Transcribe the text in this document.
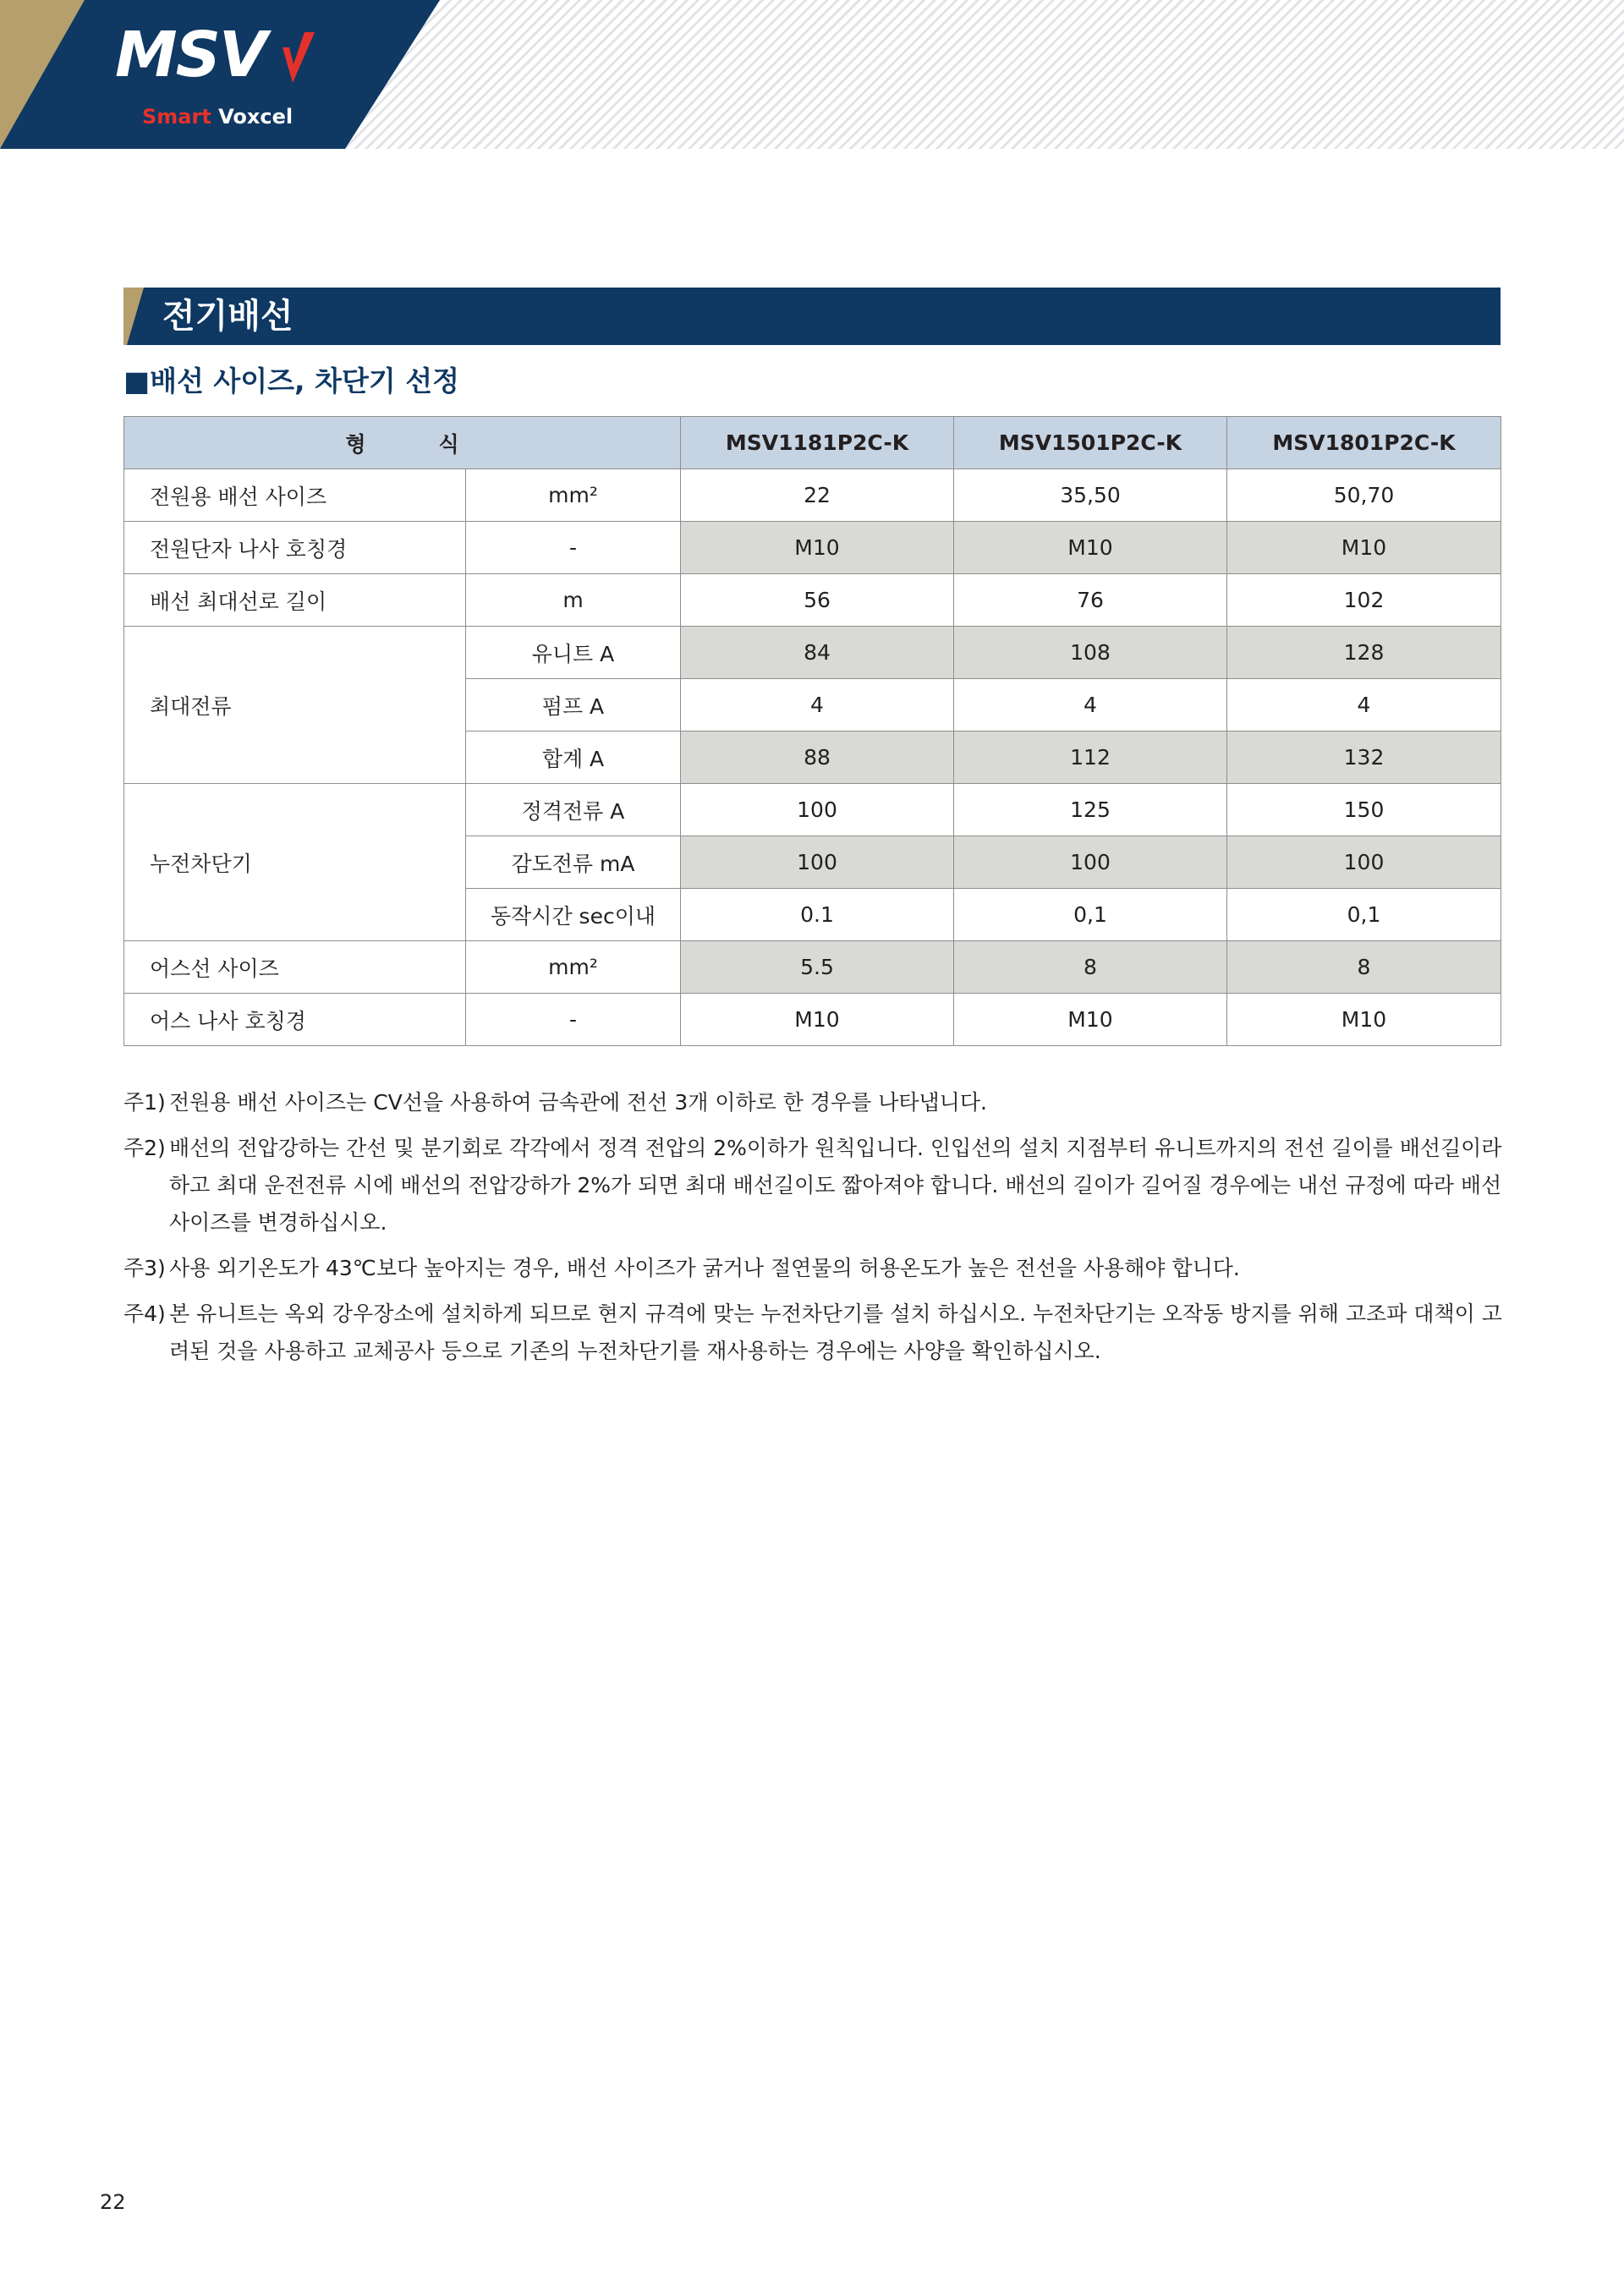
MSV
Smart Voxcel
전기배선
■배선 사이즈, 차단기 선정
형 식		MSV1181P2C-K	MSV1501P2C-K	MSV1801P2C-K
전원용 배선 사이즈	mm²	22	35,50	50,70
전원단자 나사 호칭경	-	M10	M10	M10
배선 최대선로 길이	m	56	76	102
최대전류	유니트 A	84	108	128
	펌프 A	4	4	4
	합계 A	88	112	132
누전차단기	정격전류 A	100	125	150
	감도전류 mA	100	100	100
	동작시간 sec이내	0.1	0,1	0,1
어스선 사이즈	mm²	5.5	8	8
어스 나사 호칭경	-	M10	M10	M10
주1) 전원용 배선 사이즈는 CV선을 사용하여 금속관에 전선 3개 이하로 한 경우를 나타냅니다.
주2) 배선의 전압강하는 간선 및 분기회로 각각에서 정격 전압의 2%이하가 원칙입니다. 인입선의 설치 지점부터 유니트까지의 전선 길이를 배선길이라 하고 최대 운전전류 시에 배선의 전압강하가 2%가 되면 최대 배선길이도 짧아져야 합니다. 배선의 길이가 길어질 경우에는 내선 규정에 따라 배선 사이즈를 변경하십시오.
주3) 사용 외기온도가 43℃보다 높아지는 경우, 배선 사이즈가 굵거나 절연물의 허용온도가 높은 전선을 사용해야 합니다.
주4) 본 유니트는 옥외 강우장소에 설치하게 되므로 현지 규격에 맞는 누전차단기를 설치 하십시오. 누전차단기는 오작동 방지를 위해 고조파 대책이 고려된 것을 사용하고 교체공사 등으로 기존의 누전차단기를 재사용하는 경우에는 사양을 확인하십시오.
22
